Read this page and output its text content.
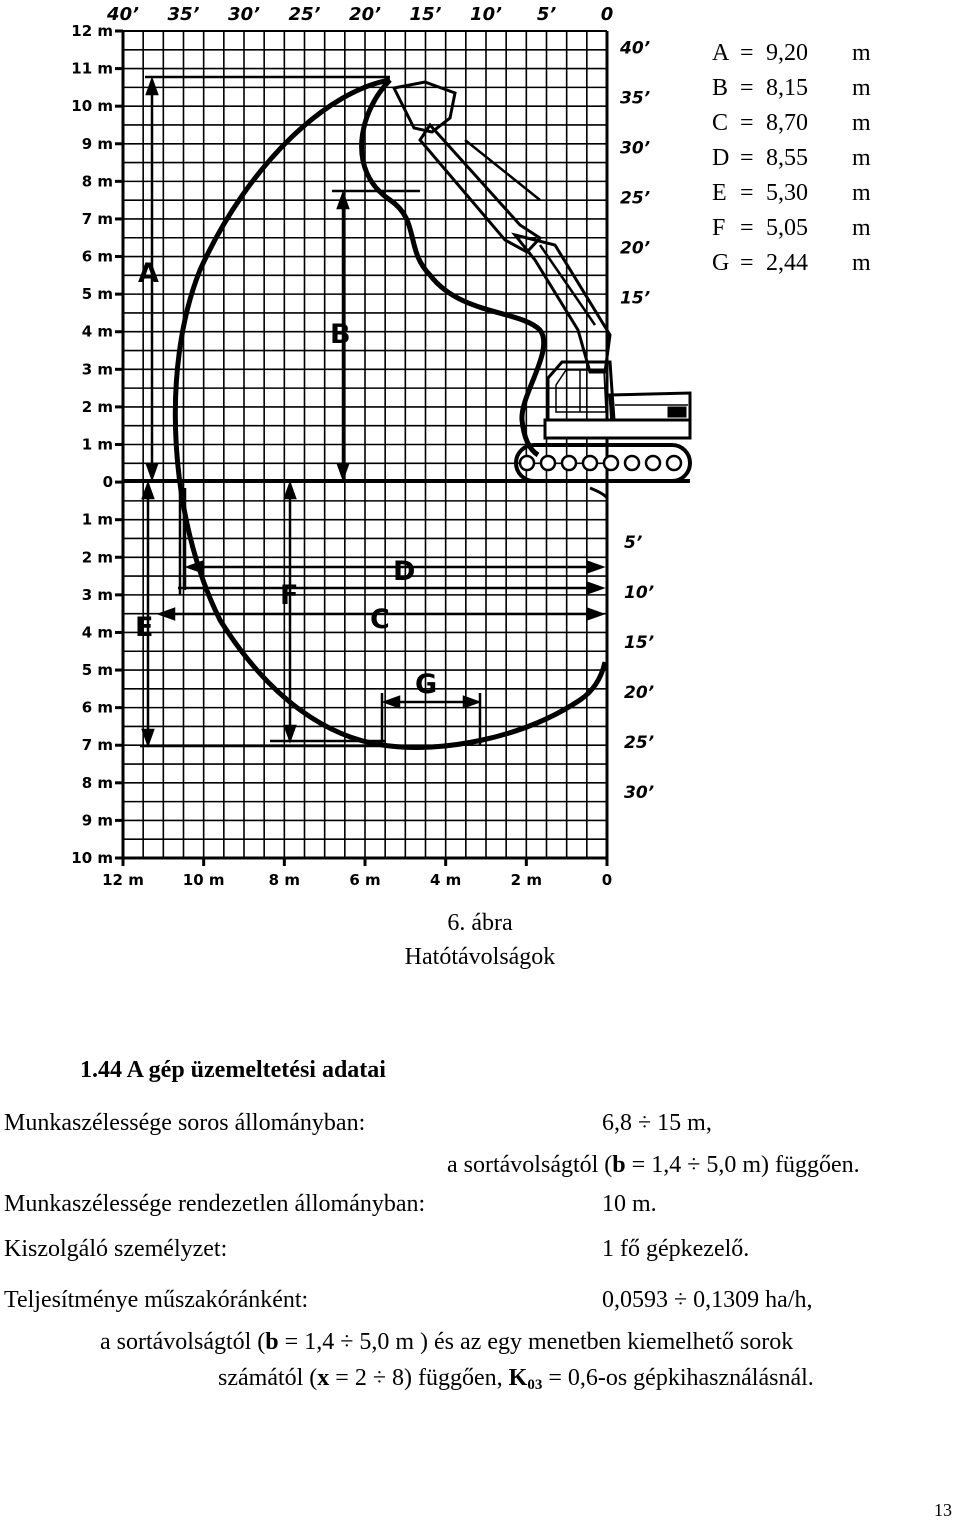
12 m
11 m
10 m
9 m
8 m
7 m
6 m
5 m
4 m
3 m
2 m
1 m
0
1 m
2 m
3 m
4 m
5 m
6 m
7 m
8 m
9 m
10 m
12 m	10 m	8 m	6 m	4 m	2 m	0
40’ 35’ 30’ 25’ 20’ 15’ 10’ 5’ 0
40’
35’
30’
25’
20’
15’
5’
10’
15’
20’
25’
30’
A
B
C
D
E
F
G
A = 9,20 m
B = 8,15 m
C = 8,70 m
D = 8,55 m
E = 5,30 m
F = 5,05 m
G = 2,44 m
6. ábra
Hatótávolságok
1.44 A gép üzemeltetési adatai
Munkaszélessége soros állományban:	6,8 ÷ 15 m,
a sortávolságtól (b = 1,4 ÷ 5,0 m) függően.
Munkaszélessége rendezetlen állományban:	10 m.
Kiszolgáló személyzet:	1 fő gépkezelő.
Teljesítménye műszakóránként:	0,0593 ÷ 0,1309 ha/h,
a sortávolságtól (b = 1,4 ÷ 5,0 m ) és az egy menetben kiemelhető sorok
számától (x = 2 ÷ 8) függően, K03 = 0,6-os gépkihasználásnál.
13
